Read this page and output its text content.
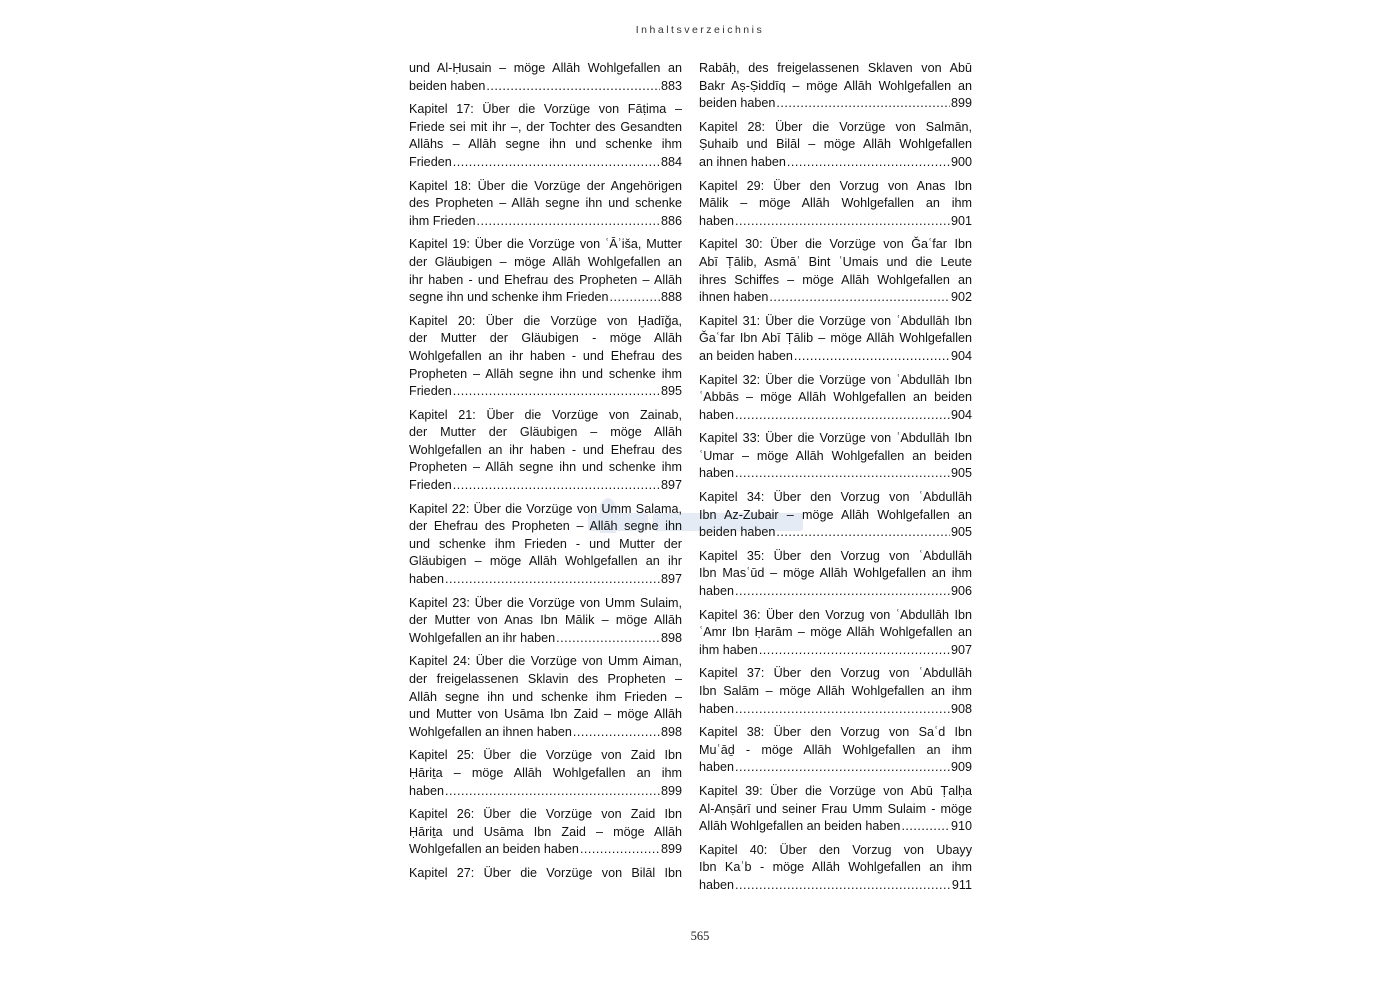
Inhaltsverzeichnis
und Al-Ḥusain – möge Allāh Wohlgefallen an
beiden haben .....	883
Kapitel 17: Über die Vorzüge von Fāṭima –
Friede sei mit ihr –, der Tochter des Gesandten
Allāhs – Allāh segne ihn und schenke ihm
Frieden .....	884
Kapitel 18: Über die Vorzüge der Angehörigen
des Propheten – Allāh segne ihn und schenke
ihm Frieden .....	886
Kapitel 19: Über die Vorzüge von ʿĀʾiša, Mutter
der Gläubigen – möge Allāh Wohlgefallen an
ihr haben - und Ehefrau des Propheten – Allāh
segne ihn und schenke ihm Frieden .....	888
Kapitel 20: Über die Vorzüge von Ḫadīǧa,
der Mutter der Gläubigen - möge Allāh
Wohlgefallen an ihr haben - und Ehefrau des
Propheten – Allāh segne ihn und schenke ihm
Frieden .....	895
Kapitel 21: Über die Vorzüge von Zainab,
der Mutter der Gläubigen – möge Allāh
Wohlgefallen an ihr haben - und Ehefrau des
Propheten – Allāh segne ihn und schenke ihm
Frieden .....	897
Kapitel 22: Über die Vorzüge von Umm Salama,
der Ehefrau des Propheten – Allāh segne ihn
und schenke ihm Frieden - und Mutter der
Gläubigen – möge Allāh Wohlgefallen an ihr
haben .....	897
Kapitel 23: Über die Vorzüge von Umm Sulaim,
der Mutter von Anas Ibn Mālik – möge Allāh
Wohlgefallen an ihr haben .....	898
Kapitel 24: Über die Vorzüge von Umm Aiman,
der freigelassenen Sklavin des Propheten –
Allāh segne ihn und schenke ihm Frieden –
und Mutter von Usāma Ibn Zaid – möge Allāh
Wohlgefallen an ihnen haben .....	898
Kapitel 25: Über die Vorzüge von Zaid Ibn
Ḥāriṯa – möge Allāh Wohlgefallen an ihm
haben .....	899
Kapitel 26: Über die Vorzüge von Zaid Ibn
Ḥāriṯa und Usāma Ibn Zaid – möge Allāh
Wohlgefallen an beiden haben .....	899
Kapitel 27: Über die Vorzüge von Bilāl Ibn
Rabāḥ, des freigelassenen Sklaven von Abū
Bakr Aṣ-Ṣiddīq – möge Allāh Wohlgefallen an
beiden haben .....	899
Kapitel 28: Über die Vorzüge von Salmān,
Ṣuhaib und Bilāl – möge Allāh Wohlgefallen
an ihnen haben .....	900
Kapitel 29: Über den Vorzug von Anas Ibn
Mālik – möge Allāh Wohlgefallen an ihm
haben .....	901
Kapitel 30: Über die Vorzüge von Ǧaʿfar Ibn
Abī Ṭālib, Asmāʾ Bint ʿUmais und die Leute
ihres Schiffes – möge Allāh Wohlgefallen an
ihnen haben .....	902
Kapitel 31: Über die Vorzüge von ʿAbdullāh Ibn
Ǧaʿfar Ibn Abī Ṭālib – möge Allāh Wohlgefallen
an beiden haben .....	904
Kapitel 32: Über die Vorzüge von ʿAbdullāh Ibn
ʿAbbās – möge Allāh Wohlgefallen an beiden
haben .....	904
Kapitel 33: Über die Vorzüge von ʿAbdullāh Ibn
ʿUmar – möge Allāh Wohlgefallen an beiden
haben .....	905
Kapitel 34: Über den Vorzug von ʿAbdullāh
Ibn Az-Zubair – möge Allāh Wohlgefallen an
beiden haben .....	905
Kapitel 35: Über den Vorzug von ʿAbdullāh
Ibn Masʿūd – möge Allāh Wohlgefallen an ihm
haben .....	906
Kapitel 36: Über den Vorzug von ʿAbdullāh Ibn
ʿAmr Ibn Ḥarām – möge Allāh Wohlgefallen an
ihm haben .....	907
Kapitel 37: Über den Vorzug von ʿAbdullāh
Ibn Salām – möge Allāh Wohlgefallen an ihm
haben .....	908
Kapitel 38: Über den Vorzug von Saʿd Ibn
Muʿāḏ - möge Allāh Wohlgefallen an ihm
haben .....	909
Kapitel 39: Über die Vorzüge von Abū Ṭalḥa
Al-Anṣārī und seiner Frau Umm Sulaim - möge
Allāh Wohlgefallen an beiden haben .....	910
Kapitel 40: Über den Vorzug von Ubayy
Ibn Kaʿb - möge Allāh Wohlgefallen an ihm
haben .....	911
565
